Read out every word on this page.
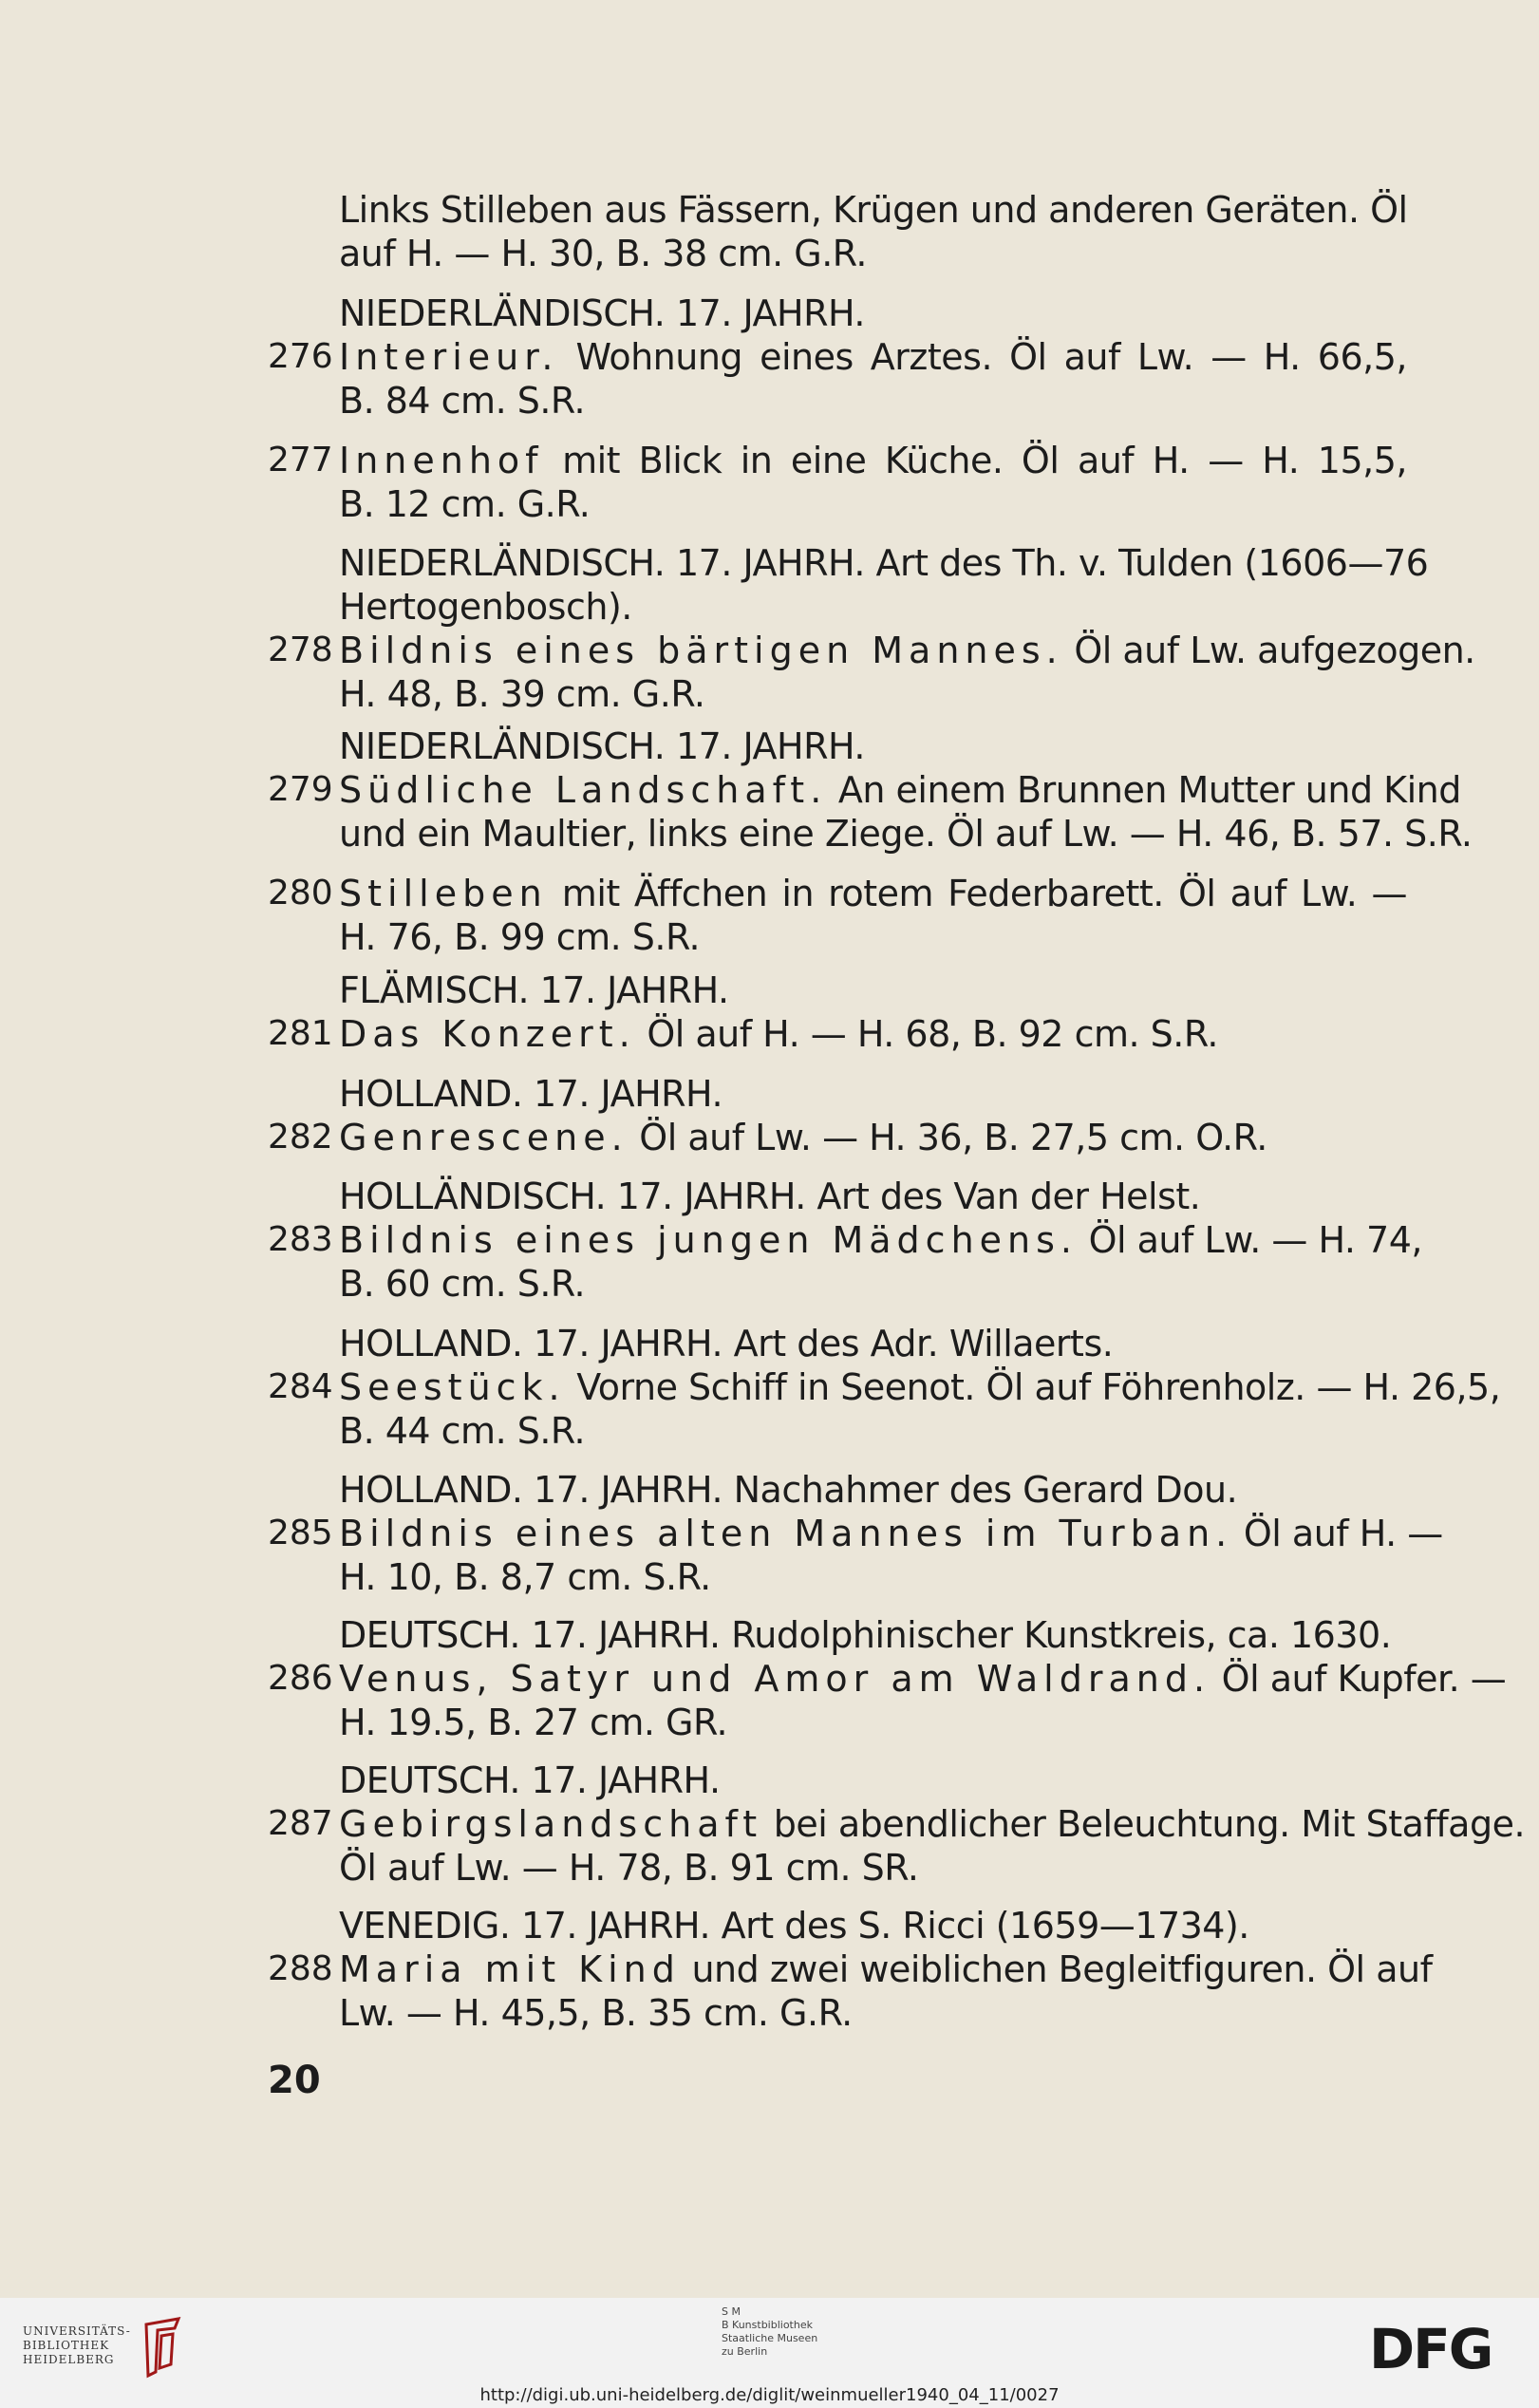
Links Stilleben aus Fässern, Krügen und anderen Geräten. Öl
auf H. — H. 30, B. 38 cm. G.R.
NIEDERLÄNDISCH. 17. JAHRH.
276 Interieur. Wohnung eines Arztes. Öl auf Lw. — H. 66,5,
B. 84 cm. S.R.
277 Innenhof mit Blick in eine Küche. Öl auf H. — H. 15,5,
B. 12 cm. G.R.
NIEDERLÄNDISCH. 17. JAHRH. Art des Th. v. Tulden (1606—76
Hertogenbosch).
278 Bildnis eines bärtigen Mannes. Öl auf Lw. aufgezogen.
H. 48, B. 39 cm. G.R.
NIEDERLÄNDISCH. 17. JAHRH.
279 Südliche Landschaft. An einem Brunnen Mutter und Kind
und ein Maultier, links eine Ziege. Öl auf Lw. — H. 46, B. 57. S.R.
280 Stilleben mit Äffchen in rotem Federbarett. Öl auf Lw. —
H. 76, B. 99 cm. S.R.
FLÄMISCH. 17. JAHRH.
281 Das Konzert. Öl auf H. — H. 68, B. 92 cm. S.R.
HOLLAND. 17. JAHRH.
282 Genrescene. Öl auf Lw. — H. 36, B. 27,5 cm. O.R.
HOLLÄNDISCH. 17. JAHRH. Art des Van der Helst.
283 Bildnis eines jungen Mädchens. Öl auf Lw. — H. 74,
B. 60 cm. S.R.
HOLLAND. 17. JAHRH. Art des Adr. Willaerts.
284 Seestück. Vorne Schiff in Seenot. Öl auf Föhrenholz. — H. 26,5,
B. 44 cm. S.R.
HOLLAND. 17. JAHRH. Nachahmer des Gerard Dou.
285 Bildnis eines alten Mannes im Turban. Öl auf H. —
H. 10, B. 8,7 cm. S.R.
DEUTSCH. 17. JAHRH. Rudolphinischer Kunstkreis, ca. 1630.
286 Venus, Satyr und Amor am Waldrand. Öl auf Kupfer. —
H. 19.5, B. 27 cm. GR.
DEUTSCH. 17. JAHRH.
287 Gebirgslandschaft bei abendlicher Beleuchtung. Mit Staffage.
Öl auf Lw. — H. 78, B. 91 cm. SR.
VENEDIG. 17. JAHRH. Art des S. Ricci (1659—1734).
288 Maria mit Kind und zwei weiblichen Begleitfiguren. Öl auf
Lw. — H. 45,5, B. 35 cm. G.R.
20
UNIVERSITÄTS-
BIBLIOTHEK
HEIDELBERG
S M
B Kunstbibliothek
Staatliche Museen
zu Berlin	DFG
http://digi.ub.uni-heidelberg.de/diglit/weinmueller1940_04_11/0027
